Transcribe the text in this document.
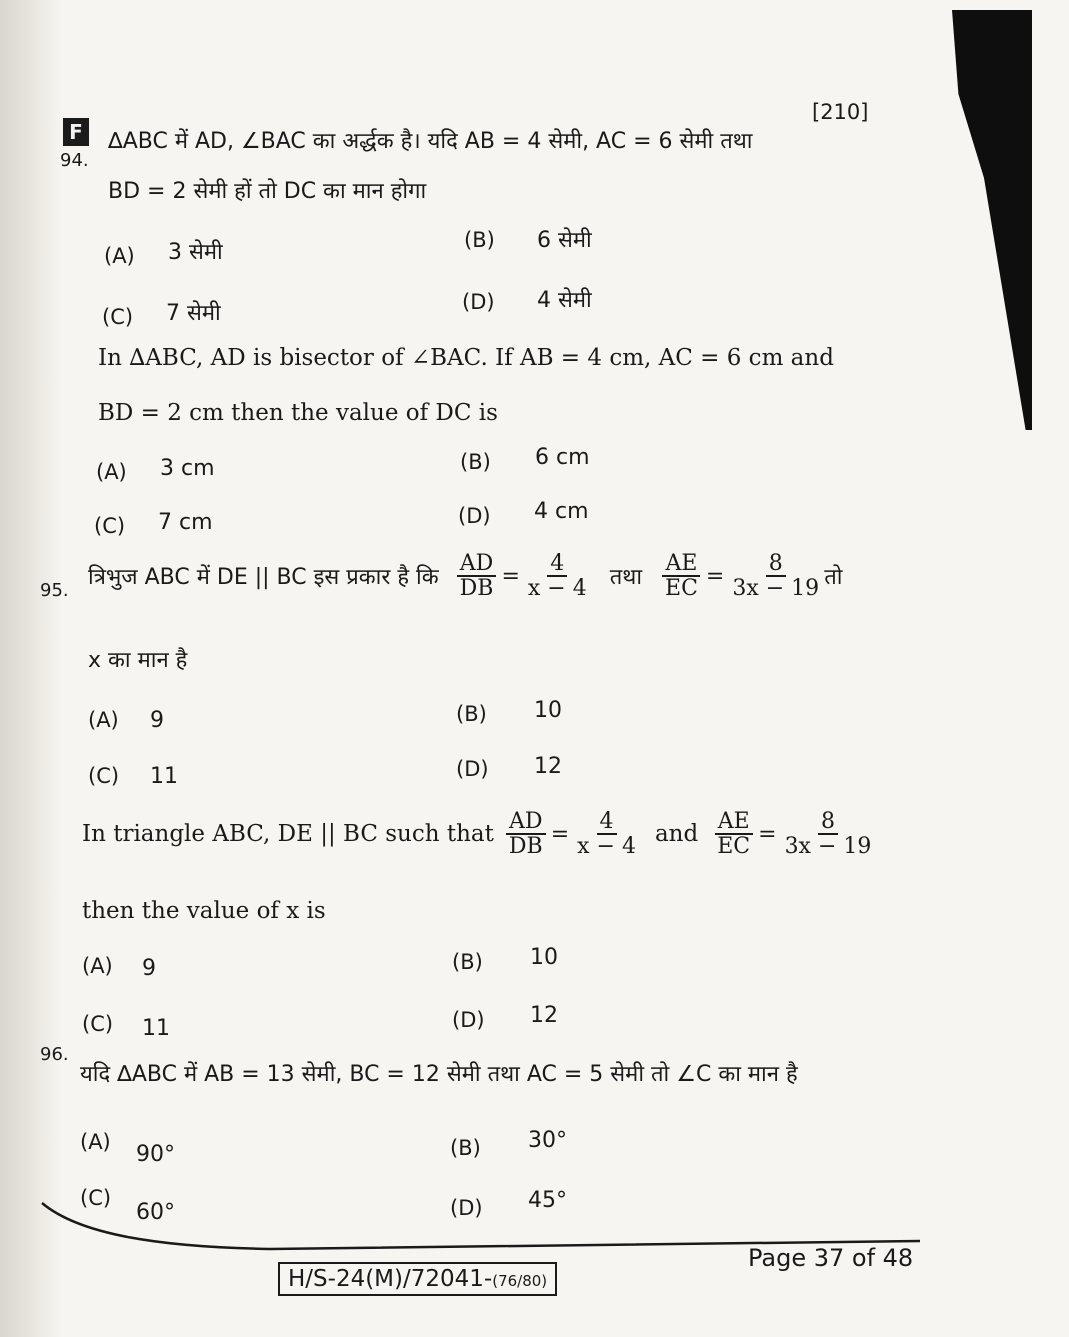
F
[210]
94.
∆ABC में AD, ∠BAC का अर्द्धक है। यदि AB = 4 सेमी, AC = 6 सेमी तथा
BD = 2 सेमी हों तो DC का मान होगा
(A) 3 सेमी	(B) 6 सेमी
(C) 7 सेमी	(D) 4 सेमी
In ∆ABC, AD is bisector of ∠BAC. If AB = 4 cm, AC = 6 cm and
BD = 2 cm then the value of DC is
(A) 3 cm	(B) 6 cm
(C) 7 cm	(D) 4 cm
95.
त्रिभुज ABC में DE || BC इस प्रकार है कि $\frac{AD}{DB} = \frac{4}{x - 4}$ तथा $\frac{AE}{EC} = \frac{8}{3x - 19}$ तो
x का मान है
(A) 9	(B) 10
(C) 11	(D) 12
In triangle ABC, DE || BC such that $\frac{AD}{DB} = \frac{4}{x - 4}$ and $\frac{AE}{EC} = \frac{8}{3x - 19}$
then the value of x is
(A) 9	(B) 10
(C) 11	(D) 12
96.
यदि ∆ABC में AB = 13 सेमी, BC = 12 सेमी तथा AC = 5 सेमी तो ∠C का मान है
(A) 90°	(B) 30°
(C)
60°	(D) 45°
Page 37 of 48
H/S-24(M)/72041-(76/80)
